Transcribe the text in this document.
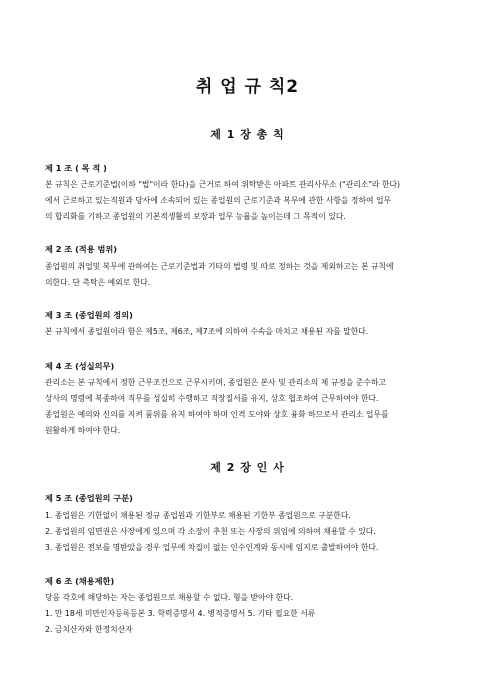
취 업 규 칙2
제 1 장 총 칙
제 1 조 ( 목 적 )
본 규칙은 근로기준법(이하 "법"이라 한다)을 근거로 하여 위탁받은 아파트 관리사무소 ("관리소"라 한다)
에서 근로하고 있는직원과 당사에 소속되어 있는 종업원의 근로기준과 복무에 관한 사항을 정하여 업무
의 합리화를 기하고 종업원의 기본적생활의 보장과 업무 능률을 높이는데 그 목적이 있다.
제 2 조 (적용 범위)
종업원의 취업및 복무에 관하여는 근로기준법과 기타의 법령 및 따로 정하는 것을 제외하고는 본 규칙에
의한다. 단 촉탁은 예외로 한다.
제 3 조 (종업원의 정의)
본 규칙에서 종업원이라 함은 제5조, 제6조, 제7조에 의하여 수속을 마치고 채용된 자를 말한다.
제 4 조 (성실의무)
관리소는 본 규칙에서 정한 근무조건으로 근무시키며, 종업원은 본사 및 관리소의 제 규정을 준수하고
상사의 명령에 복종하여 직무를 성실히 수행하고 직장질서를 유지, 상호 협조하여 근무하여야 한다.
종업원은 예의와 신의를 지켜 품위를 유지 하여야 하며 인격 도야와 상호 융화 하므로서 관리소 업무를
원활하게 하여야 한다.
제 2 장 인 사
제 5 조 (종업원의 구분)
1. 종업원은 기한없이 채용된 정규 종업원과 기한부로 채용된 기한부 종업원으로 구분한다.
2. 종업원의 임면권은 사장에게 있으며 각 소장이 추천 또는 사장의 위임에 의하여 채용할 수 있다.
3. 종업원은 전보를 명받았을 경우 업무에 차질이 없는 인수인계와 동시에 임지로 출발하여야 한다.
제 6 조 (채용제한)
당음 각호에 해당하는 자는 종업원으로 채용할 수 없다. 형을 받아야 한다.
1. 만 18세 미만인자등록등본 3. 학력증명서 4. 병적증명서 5. 기타 필요한 서류
2. 금치산자와 한정치산자
